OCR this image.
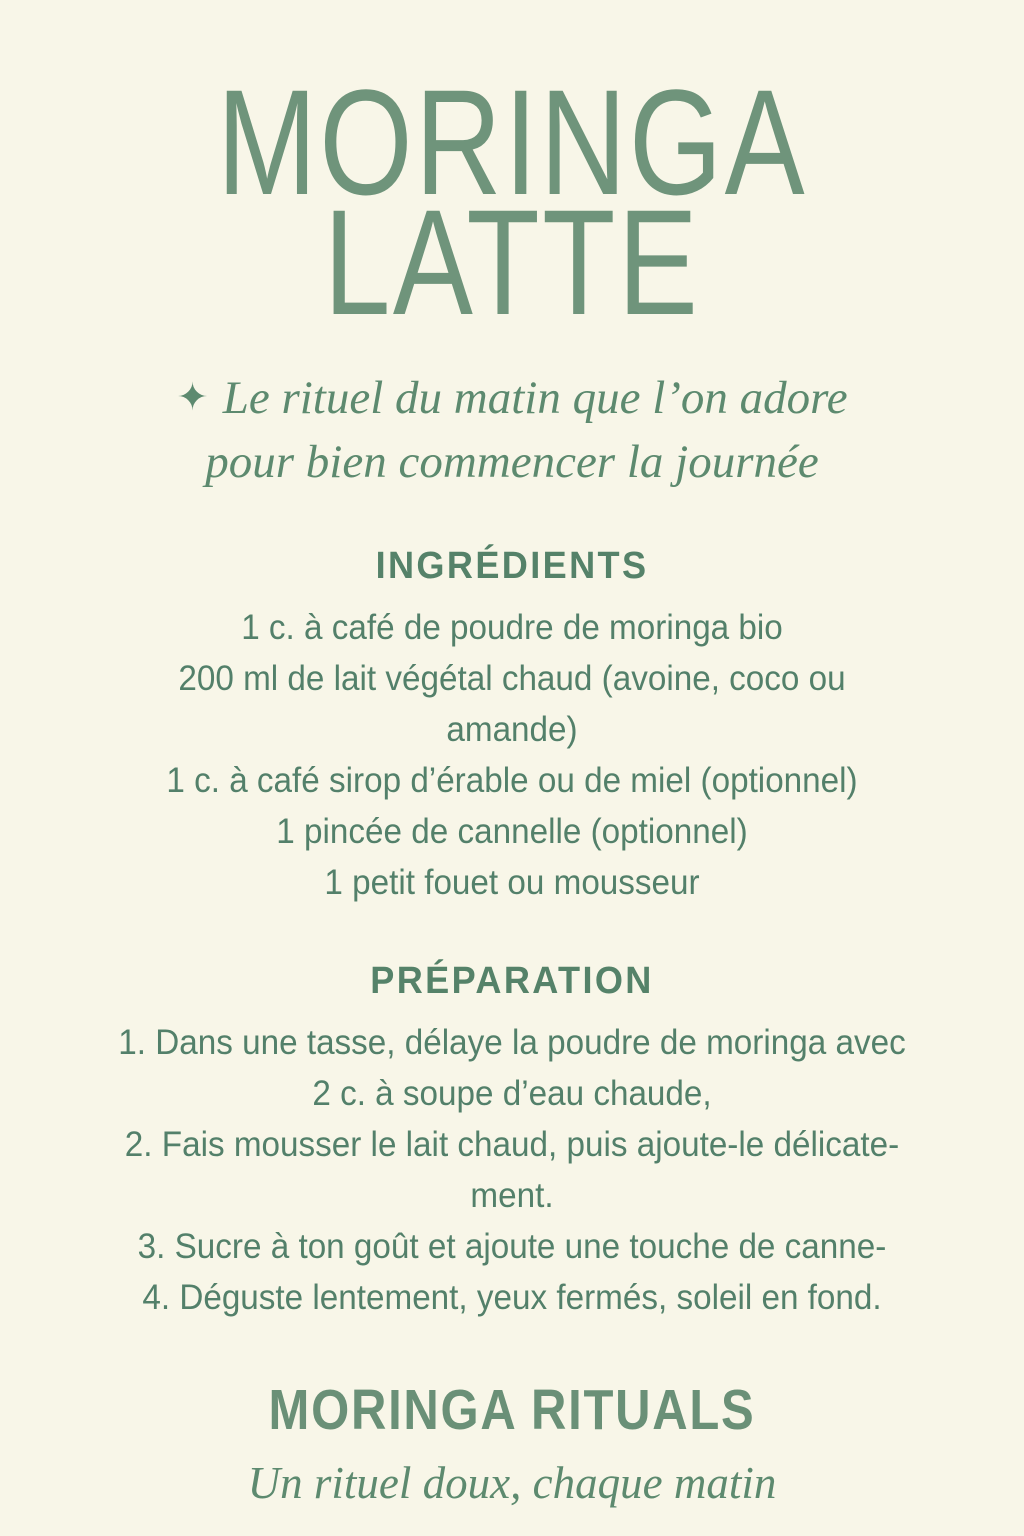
MORINGA
LATTE
✦ Le rituel du matin que l’on adore
pour bien commencer la journée
INGRÉDIENTS
1 c. à café de poudre de moringa bio
200 ml de lait végétal chaud (avoine, coco ou
amande)
1 c. à café sirop d’érable ou de miel (optionnel)
1 pincée de cannelle (optionnel)
1 petit fouet ou mousseur
PRÉPARATION
1. Dans une tasse, délaye la poudre de moringa avec
2 c. à soupe d’eau chaude,
2. Fais mousser le lait chaud, puis ajoute-le délicate-
ment.
3. Sucre à ton goût et ajoute une touche de canne-
4. Déguste lentement, yeux fermés, soleil en fond.
MORINGA RITUALS
Un rituel doux, chaque matin
